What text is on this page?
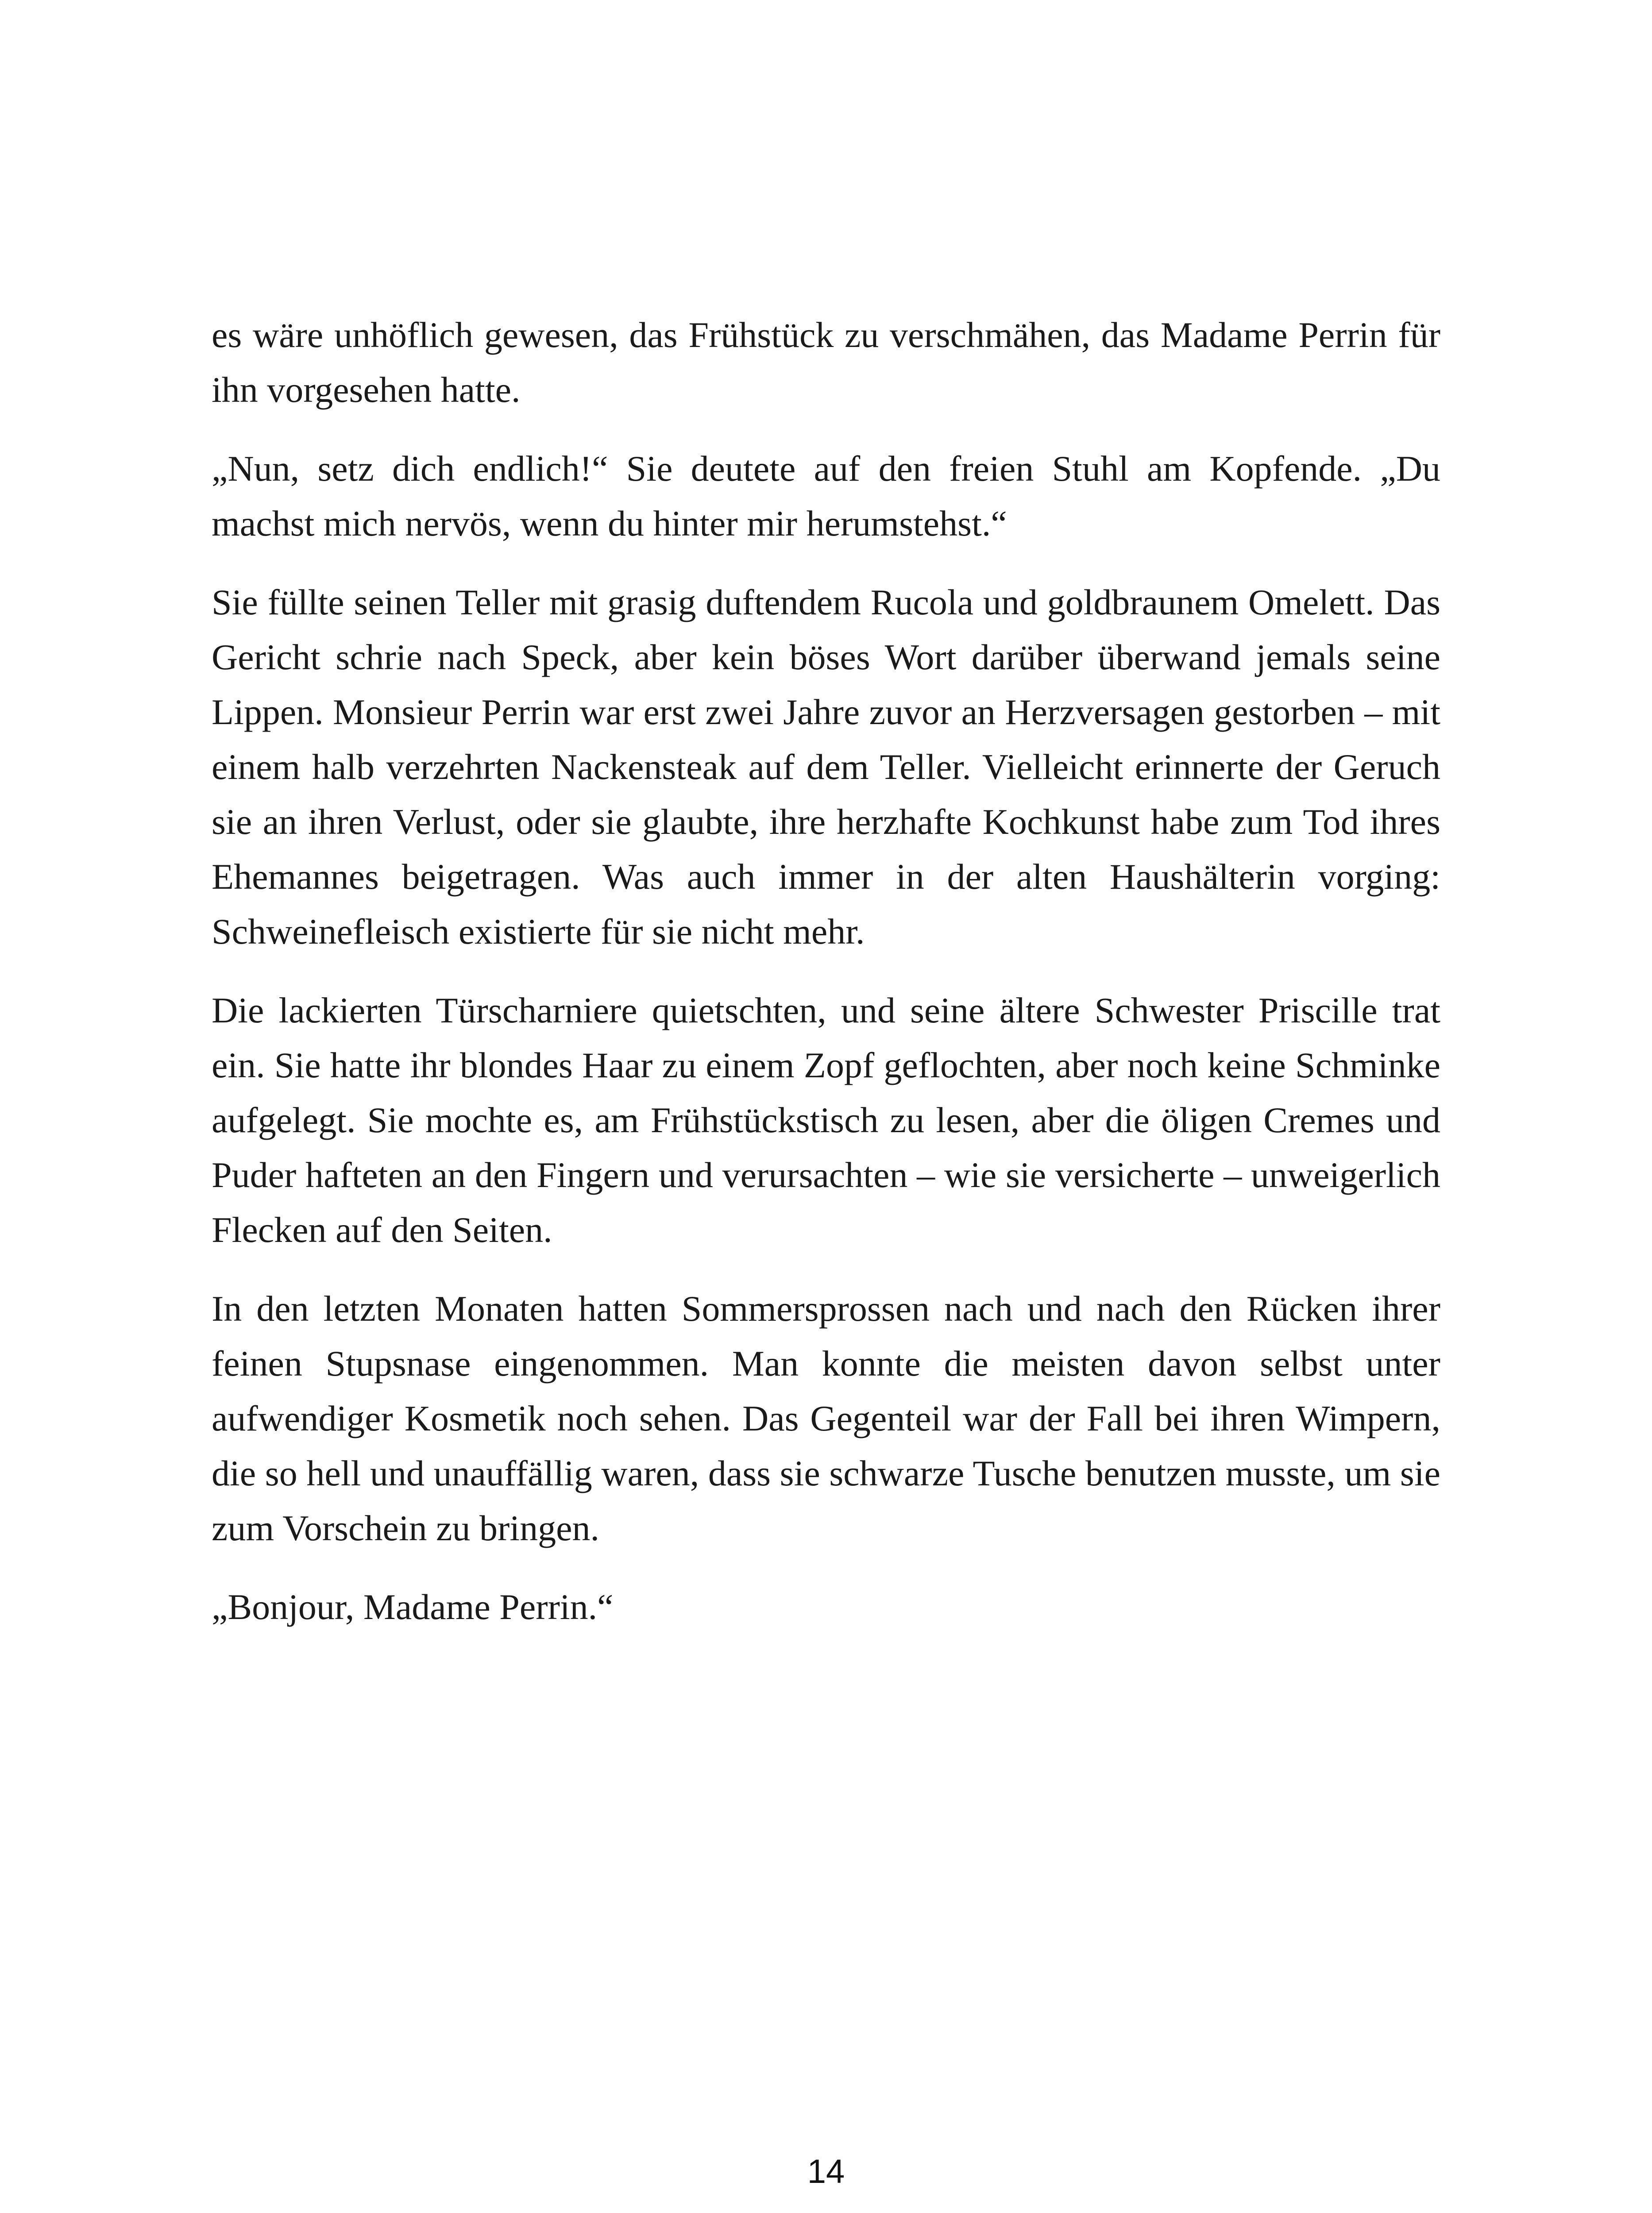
es wäre unhöflich gewesen, das Frühstück zu verschmähen, das Madame Perrin für ihn vorgesehen hatte.

„Nun, setz dich endlich!“ Sie deutete auf den freien Stuhl am Kopfende. „Du machst mich nervös, wenn du hinter mir herumstehst.“

Sie füllte seinen Teller mit grasig duftendem Rucola und goldbraunem Omelett. Das Gericht schrie nach Speck, aber kein böses Wort darüber überwand jemals seine Lippen. Monsieur Perrin war erst zwei Jahre zuvor an Herzversagen gestorben – mit einem halb verzehrten Nackensteak auf dem Teller. Vielleicht erinnerte der Geruch sie an ihren Verlust, oder sie glaubte, ihre herzhafte Kochkunst habe zum Tod ihres Ehemannes beigetragen. Was auch immer in der alten Haushälterin vorging: Schweinefleisch existierte für sie nicht mehr.

Die lackierten Türscharniere quietschten, und seine ältere Schwester Priscille trat ein. Sie hatte ihr blondes Haar zu einem Zopf geflochten, aber noch keine Schminke aufgelegt. Sie mochte es, am Frühstückstisch zu lesen, aber die öligen Cremes und Puder hafteten an den Fingern und verursachten – wie sie versicherte – unweigerlich Flecken auf den Seiten.

In den letzten Monaten hatten Sommersprossen nach und nach den Rücken ihrer feinen Stupsnase eingenommen. Man konnte die meisten davon selbst unter aufwendiger Kosmetik noch sehen. Das Gegenteil war der Fall bei ihren Wimpern, die so hell und unauffällig waren, dass sie schwarze Tusche benutzen musste, um sie zum Vorschein zu bringen.

„Bonjour, Madame Perrin.“

14
